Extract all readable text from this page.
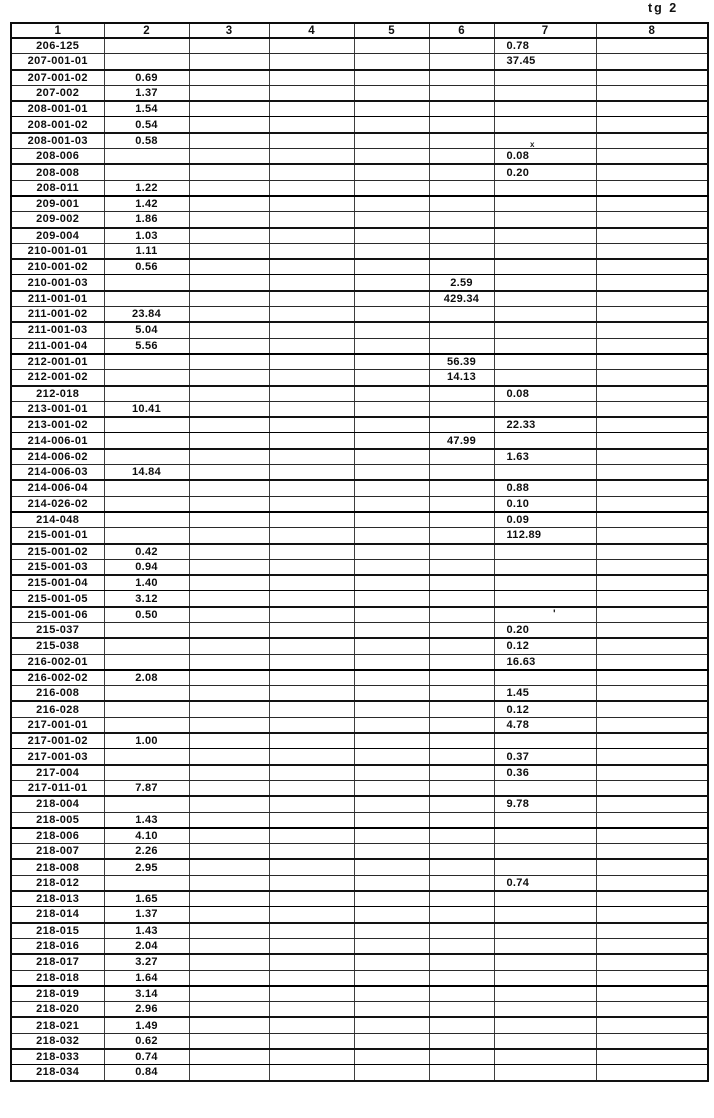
tg 2
1	2	3	4	5	6	7	8
206-125						0.78	
207-001-01						37.45	
207-001-02	0.69						
207-002	1.37						
208-001-01	1.54						
208-001-02	0.54						
208-001-03	0.58						
208-006						0.08	
208-008						0.20	
208-011	1.22						
209-001	1.42						
209-002	1.86						
209-004	1.03						
210-001-01	1.11						
210-001-02	0.56						
210-001-03					2.59		
211-001-01					429.34		
211-001-02	23.84						
211-001-03	5.04						
211-001-04	5.56						
212-001-01					56.39		
212-001-02					14.13		
212-018						0.08	
213-001-01	10.41						
213-001-02						22.33	
214-006-01					47.99		
214-006-02						1.63	
214-006-03	14.84						
214-006-04						0.88	
214-026-02						0.10	
214-048						0.09	
215-001-01						112.89	
215-001-02	0.42						
215-001-03	0.94						
215-001-04	1.40						
215-001-05	3.12						
215-001-06	0.50						
215-037						0.20	
215-038						0.12	
216-002-01						16.63	
216-002-02	2.08						
216-008						1.45	
216-028						0.12	
217-001-01						4.78	
217-001-02	1.00						
217-001-03						0.37	
217-004						0.36	
217-011-01	7.87						
218-004						9.78	
218-005	1.43						
218-006	4.10						
218-007	2.26						
218-008	2.95						
218-012						0.74	
218-013	1.65						
218-014	1.37						
218-015	1.43						
218-016	2.04						
218-017	3.27						
218-018	1.64						
218-019	3.14						
218-020	2.96						
218-021	1.49						
218-032	0.62						
218-033	0.74						
218-034	0.84						
x
'
